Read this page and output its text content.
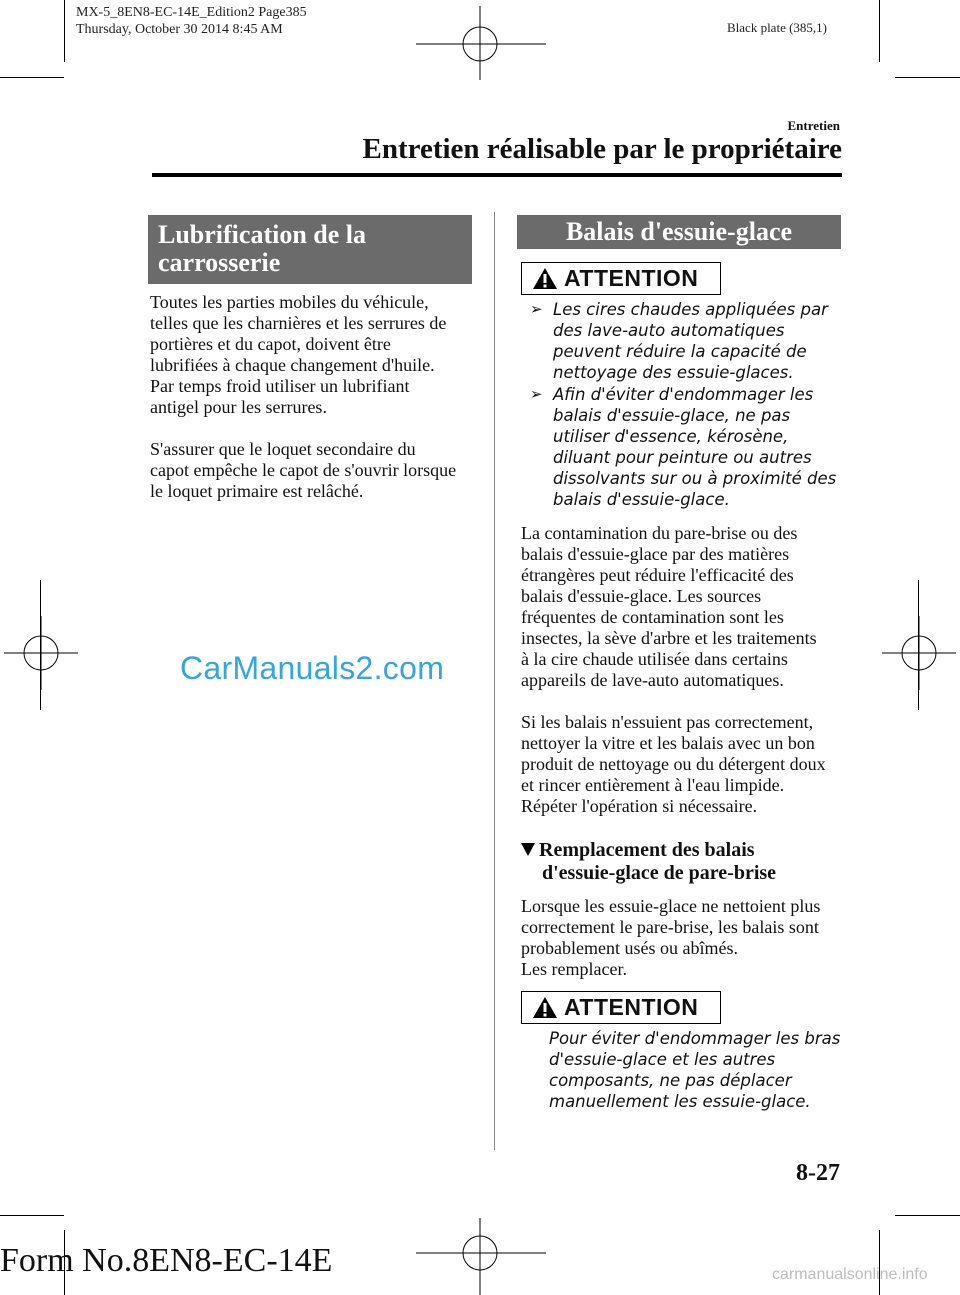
MX-5_8EN8-EC-14E_Edition2 Page385
Thursday, October 30 2014 8:45 AM	Black plate (385,1)
Entretien
Entretien réalisable par le propriétaire
Lubrification de la
carrosserie

Toutes les parties mobiles du véhicule,
telles que les charnières et les serrures de
portières et du capot, doivent être
lubrifiées à chaque changement d'huile.
Par temps froid utiliser un lubrifiant
antigel pour les serrures.

S'assurer que le loquet secondaire du
capot empêche le capot de s'ouvrir lorsque
le loquet primaire est relâché.

CarManuals2.com
Balais d'essuie-glace
ATTENTION
➢ Les cires chaudes appliquées par
des lave-auto automatiques
peuvent réduire la capacité de
nettoyage des essuie-glaces.
➢ Afin d'éviter d'endommager les
balais d'essuie-glace, ne pas
utiliser d'essence, kérosène,
diluant pour peinture ou autres
dissolvants sur ou à proximité des
balais d'essuie-glace.

La contamination du pare-brise ou des
balais d'essuie-glace par des matières
étrangères peut réduire l'efficacité des
balais d'essuie-glace. Les sources
fréquentes de contamination sont les
insectes, la sève d'arbre et les traitements
à la cire chaude utilisée dans certains
appareils de lave-auto automatiques.

Si les balais n'essuient pas correctement,
nettoyer la vitre et les balais avec un bon
produit de nettoyage ou du détergent doux
et rincer entièrement à l'eau limpide.
Répéter l'opération si nécessaire.

Remplacement des balais
d'essuie-glace de pare-brise

Lorsque les essuie-glace ne nettoient plus
correctement le pare-brise, les balais sont
probablement usés ou abîmés.
Les remplacer.

ATTENTION
Pour éviter d'endommager les bras
d'essuie-glace et les autres
composants, ne pas déplacer
manuellement les essuie-glace.
8-27
Form No.8EN8-EC-14E	carmanualsonline.info
